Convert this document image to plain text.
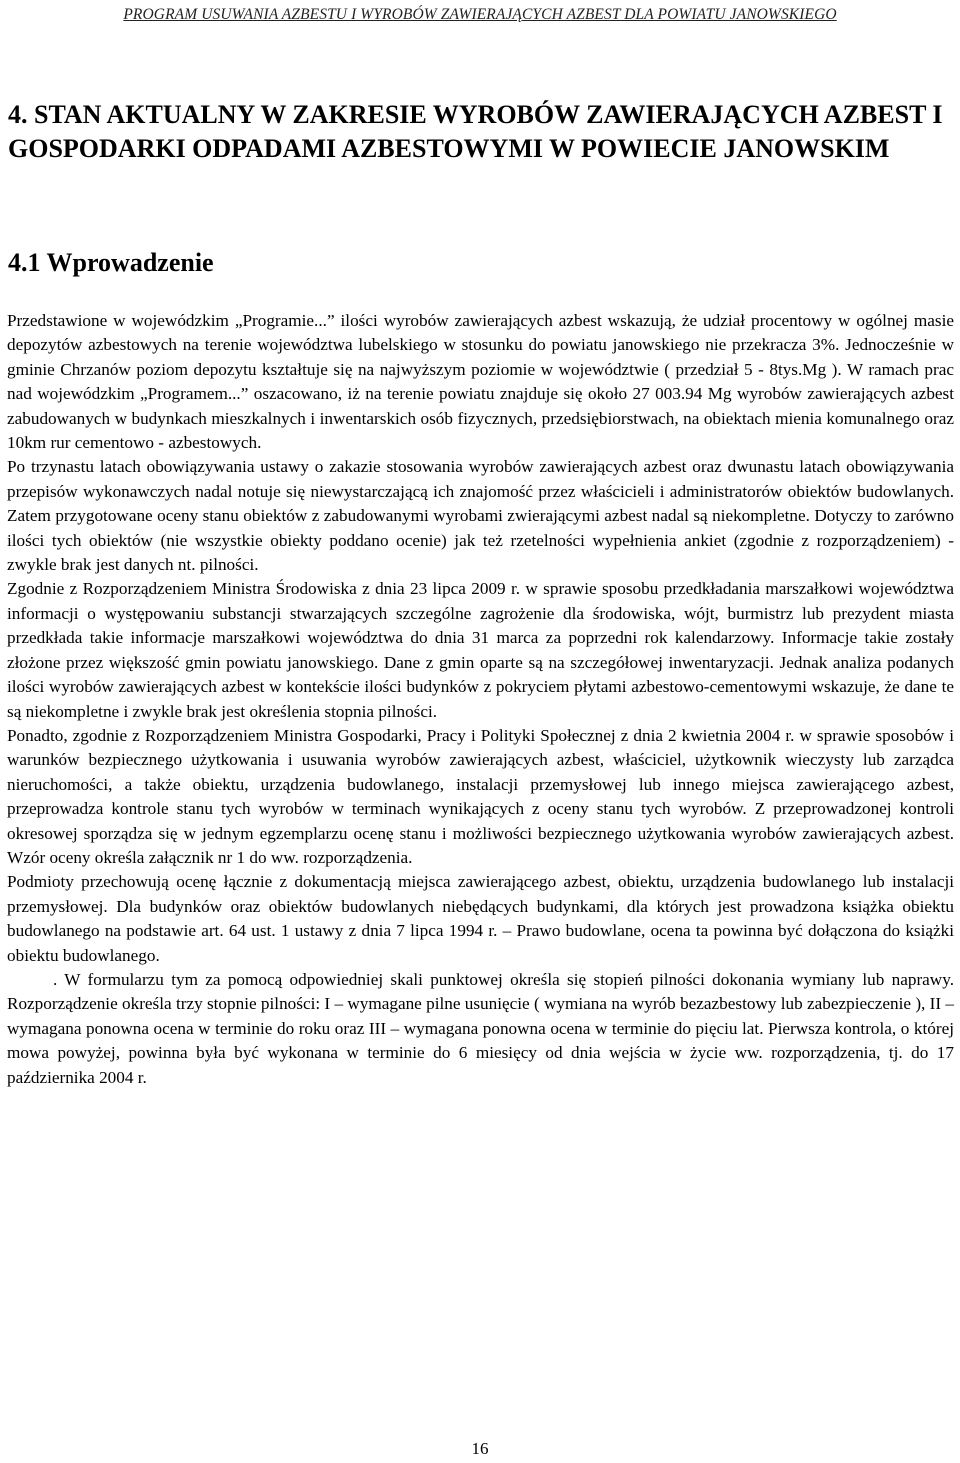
PROGRAM USUWANIA AZBESTU I WYROBÓW ZAWIERAJĄCYCH AZBEST DLA POWIATU JANOWSKIEGO
4. STAN AKTUALNY W ZAKRESIE WYROBÓW ZAWIERAJĄCYCH AZBEST I GOSPODARKI ODPADAMI AZBESTOWYMI W POWIECIE JANOWSKIM
4.1 Wprowadzenie

Przedstawione w wojewódzkim „Programie...” ilości wyrobów zawierających azbest wskazują, że udział procentowy w ogólnej masie depozytów azbestowych na terenie województwa lubelskiego w stosunku do powiatu janowskiego nie przekracza 3%. Jednocześnie w gminie Chrzanów poziom depozytu kształtuje się na najwyższym poziomie w województwie ( przedział 5 - 8tys.Mg ). W ramach prac nad wojewódzkim „Programem...” oszacowano, iż na terenie powiatu znajduje się około 27 003.94 Mg wyrobów zawierających azbest zabudowanych w budynkach mieszkalnych i inwentarskich osób fizycznych, przedsiębiorstwach, na obiektach mienia komunalnego oraz 10km rur cementowo - azbestowych.

Po trzynastu latach obowiązywania ustawy o zakazie stosowania wyrobów zawierających azbest oraz dwunastu latach obowiązywania przepisów wykonawczych nadal notuje się niewystarczającą ich znajomość przez właścicieli i administratorów obiektów budowlanych. Zatem przygotowane oceny stanu obiektów z zabudowanymi wyrobami zwierającymi azbest nadal są niekompletne. Dotyczy to zarówno ilości tych obiektów (nie wszystkie obiekty poddano ocenie) jak też rzetelności wypełnienia ankiet (zgodnie z rozporządzeniem) - zwykle brak jest danych nt. pilności.

Zgodnie z Rozporządzeniem Ministra Środowiska z dnia 23 lipca 2009 r. w sprawie sposobu przedkładania marszałkowi województwa informacji o występowaniu substancji stwarzających szczególne zagrożenie dla środowiska, wójt, burmistrz lub prezydent miasta przedkłada takie informacje marszałkowi województwa do dnia 31 marca za poprzedni rok kalendarzowy. Informacje takie zostały złożone przez większość gmin powiatu janowskiego. Dane z gmin oparte są na szczegółowej inwentaryzacji. Jednak analiza podanych ilości wyrobów zawierających azbest w kontekście ilości budynków z pokryciem płytami azbestowo-cementowymi wskazuje, że dane te są niekompletne i zwykle brak jest określenia stopnia pilności.

Ponadto, zgodnie z Rozporządzeniem Ministra Gospodarki, Pracy i Polityki Społecznej z dnia 2 kwietnia 2004 r. w sprawie sposobów i warunków bezpiecznego użytkowania i usuwania wyrobów zawierających azbest, właściciel, użytkownik wieczysty lub zarządca nieruchomości, a także obiektu, urządzenia budowlanego, instalacji przemysłowej lub innego miejsca zawierającego azbest, przeprowadza kontrole stanu tych wyrobów w terminach wynikających z oceny stanu tych wyrobów. Z przeprowadzonej kontroli okresowej sporządza się w jednym egzemplarzu ocenę stanu i możliwości bezpiecznego użytkowania wyrobów zawierających azbest. Wzór oceny określa załącznik nr 1 do ww. rozporządzenia.

Podmioty przechowują ocenę łącznie z dokumentacją miejsca zawierającego azbest, obiektu, urządzenia budowlanego lub instalacji przemysłowej. Dla budynków oraz obiektów budowlanych niebędących budynkami, dla których jest prowadzona książka obiektu budowlanego na podstawie art. 64 ust. 1 ustawy z dnia 7 lipca 1994 r. – Prawo budowlane, ocena ta powinna być dołączona do książki obiektu budowlanego.

. W formularzu tym za pomocą odpowiedniej skali punktowej określa się stopień pilności dokonania wymiany lub naprawy. Rozporządzenie określa trzy stopnie pilności: I – wymagane pilne usunięcie ( wymiana na wyrób bezazbestowy lub zabezpieczenie ), II – wymagana ponowna ocena w terminie do roku oraz III – wymagana ponowna ocena w terminie do pięciu lat. Pierwsza kontrola, o której mowa powyżej, powinna była być wykonana w terminie do 6 miesięcy od dnia wejścia w życie ww. rozporządzenia, tj. do 17 października 2004 r.

16
